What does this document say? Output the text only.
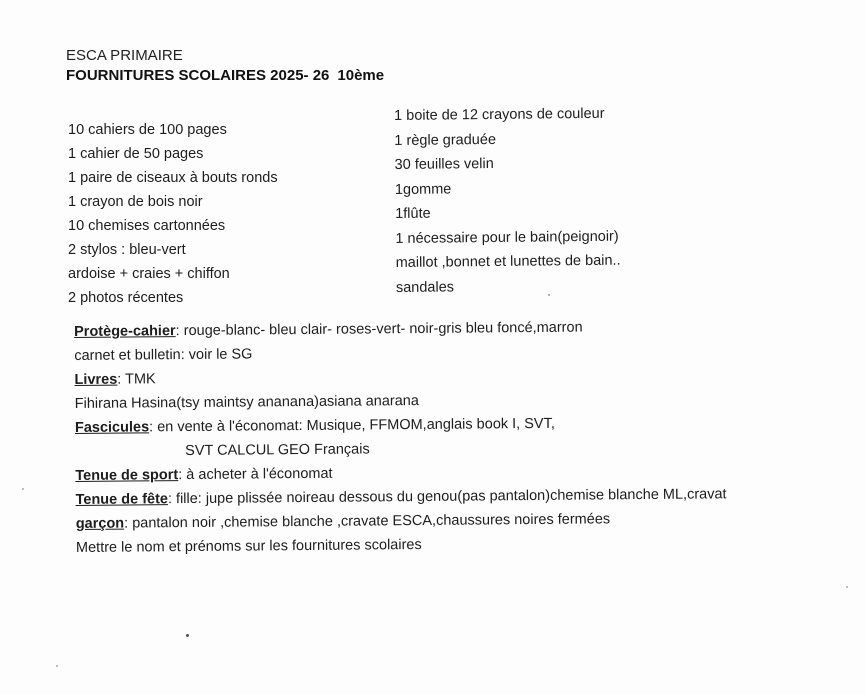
ESCA PRIMAIRE
FOURNITURES SCOLAIRES 2025- 26 10ème
10 cahiers de 100 pages
1 cahier de 50 pages
1 paire de ciseaux à bouts ronds
1 crayon de bois noir
10 chemises cartonnées
2 stylos : bleu-vert
ardoise + craies + chiffon
2 photos récentes
1 boite de 12 crayons de couleur
1 règle graduée
30 feuilles velin
1gomme
1flûte
1 nécessaire pour le bain(peignoir)
maillot ,bonnet et lunettes de bain..
sandales
Protège-cahier: rouge-blanc- bleu clair- roses-vert- noir-gris bleu foncé,marron
carnet et bulletin: voir le SG
Livres: TMK
Fihirana Hasina(tsy maintsy ananana)asiana anarana
Fascicules: en vente à l'économat: Musique, FFMOM,anglais book I, SVT,
SVT CALCUL GEO Français
Tenue de sport: à acheter à l'économat
Tenue de fête: fille: jupe plissée noireau dessous du genou(pas pantalon)chemise blanche ML,cravat
garçon: pantalon noir ,chemise blanche ,cravate ESCA,chaussures noires fermées
Mettre le nom et prénoms sur les fournitures scolaires
